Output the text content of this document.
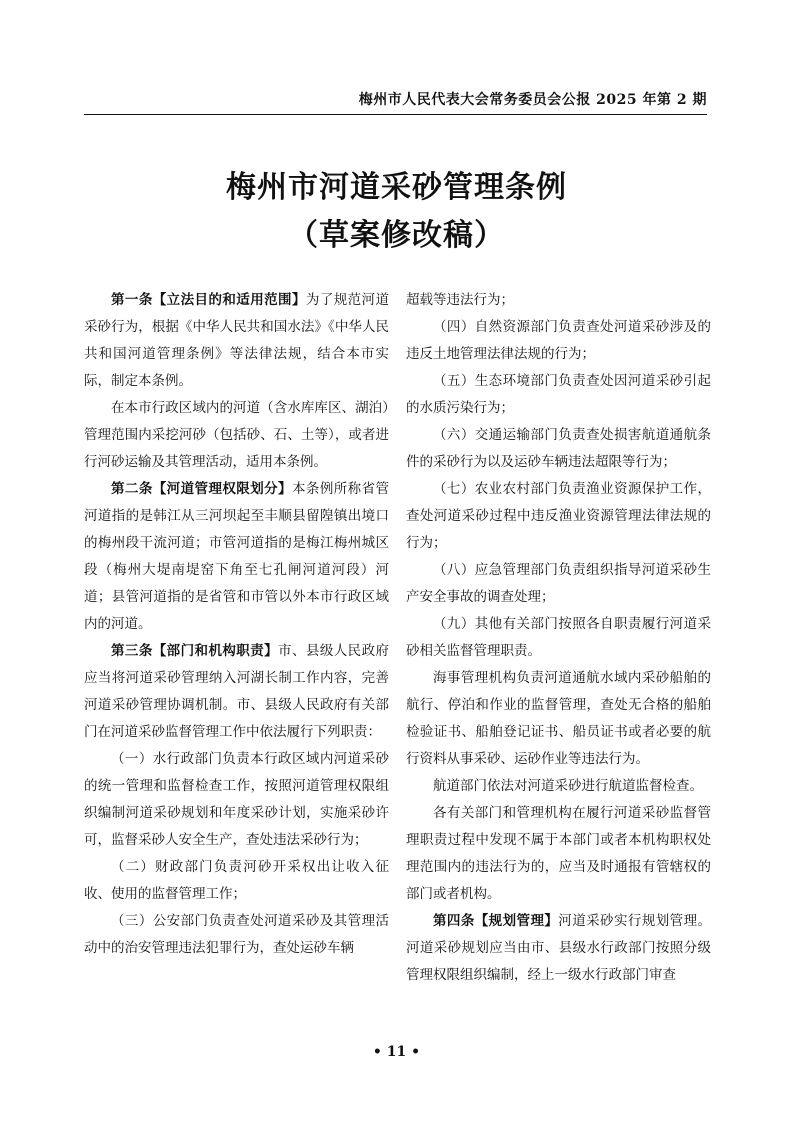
梅州市人民代表大会常务委员会公报 2025 年第 2 期
梅州市河道采砂管理条例
（草案修改稿）

第一条【立法目的和适用范围】为了规范河道采砂行为，根据《中华人民共和国水法》《中华人民共和国河道管理条例》等法律法规，结合本市实际，制定本条例。

在本市行政区域内的河道（含水库库区、湖泊）管理范围内采挖河砂（包括砂、石、土等），或者进行河砂运输及其管理活动，适用本条例。

第二条【河道管理权限划分】本条例所称省管河道指的是韩江从三河坝起至丰顺县留隍镇出境口的梅州段干流河道；市管河道指的是梅江梅州城区段（梅州大堤南堤窑下角至七孔闸河道河段）河道；县管河道指的是省管和市管以外本市行政区域内的河道。

第三条【部门和机构职责】市、县级人民政府应当将河道采砂管理纳入河湖长制工作内容，完善河道采砂管理协调机制。市、县级人民政府有关部门在河道采砂监督管理工作中依法履行下列职责：

（一）水行政部门负责本行政区域内河道采砂的统一管理和监督检查工作，按照河道管理权限组织编制河道采砂规划和年度采砂计划，实施采砂许可，监督采砂人安全生产，查处违法采砂行为；

（二）财政部门负责河砂开采权出让收入征收、使用的监督管理工作；

（三）公安部门负责查处河道采砂及其管理活动中的治安管理违法犯罪行为，查处运砂车辆

超载等违法行为；

（四）自然资源部门负责查处河道采砂涉及的违反土地管理法律法规的行为；

（五）生态环境部门负责查处因河道采砂引起的水质污染行为；

（六）交通运输部门负责查处损害航道通航条件的采砂行为以及运砂车辆违法超限等行为；

（七）农业农村部门负责渔业资源保护工作，查处河道采砂过程中违反渔业资源管理法律法规的行为；

（八）应急管理部门负责组织指导河道采砂生产安全事故的调查处理；

（九）其他有关部门按照各自职责履行河道采砂相关监督管理职责。

海事管理机构负责河道通航水域内采砂船舶的航行、停泊和作业的监督管理，查处无合格的船舶检验证书、船舶登记证书、船员证书或者必要的航行资料从事采砂、运砂作业等违法行为。

航道部门依法对河道采砂进行航道监督检查。

各有关部门和管理机构在履行河道采砂监督管理职责过程中发现不属于本部门或者本机构职权处理范围内的违法行为的，应当及时通报有管辖权的部门或者机构。

第四条【规划管理】河道采砂实行规划管理。河道采砂规划应当由市、县级水行政部门按照分级管理权限组织编制，经上一级水行政部门审查

• 11 •
